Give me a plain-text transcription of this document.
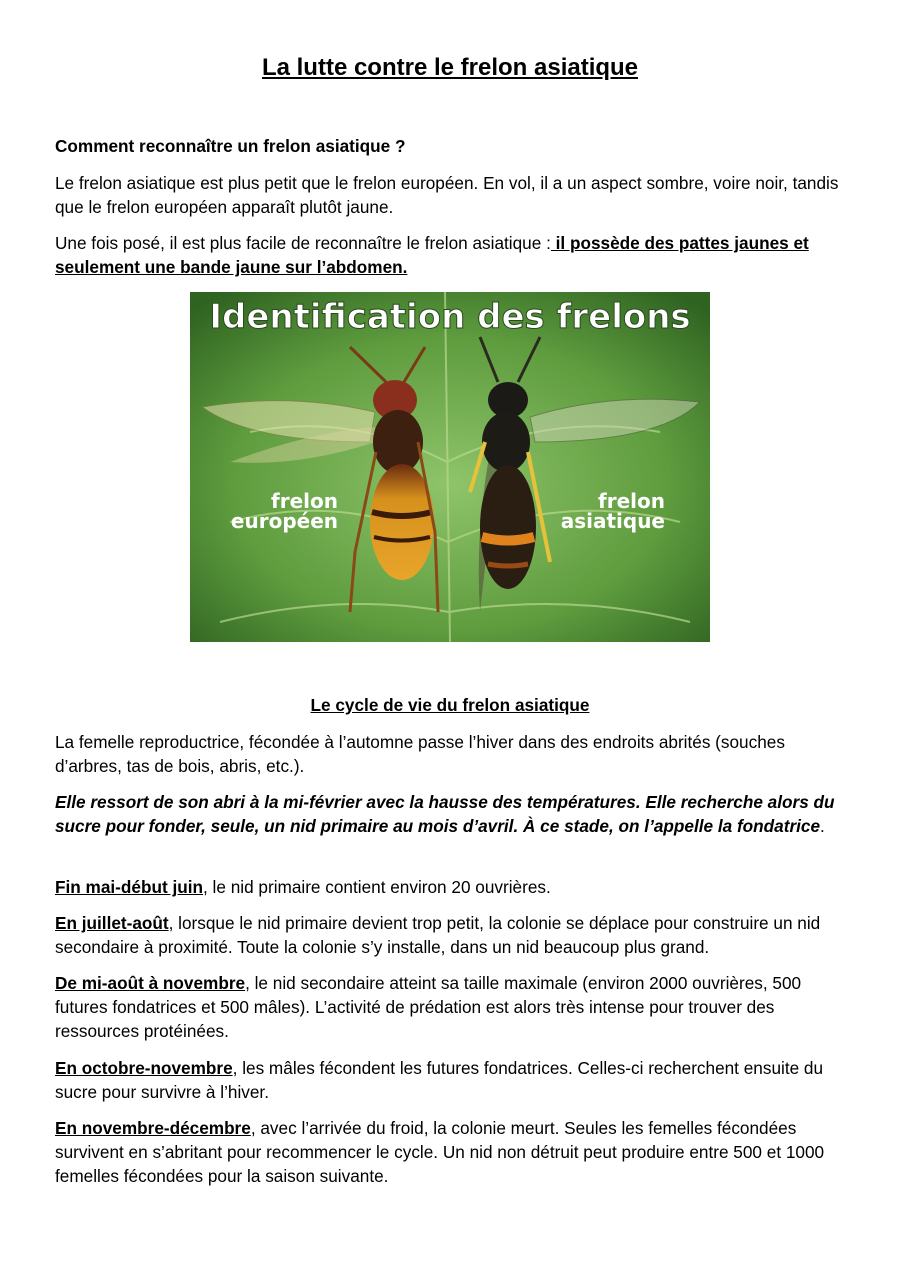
La lutte contre le frelon asiatique

Comment reconnaître un frelon asiatique ?

Le frelon asiatique est plus petit que le frelon européen. En vol, il a un aspect sombre, voire noir, tandis que le frelon européen apparaît plutôt jaune.

Une fois posé, il est plus facile de reconnaître le frelon asiatique : il possède des pattes jaunes et seulement une bande jaune sur l’abdomen.

Identification des frelons
frelon
européen
frelon
asiatique

Le cycle de vie du frelon asiatique

La femelle reproductrice, fécondée à l’automne passe l’hiver dans des endroits abrités (souches d’arbres, tas de bois, abris, etc.).

Elle ressort de son abri à la mi-février avec la hausse des températures. Elle recherche alors du sucre pour fonder, seule, un nid primaire au mois d’avril. À ce stade, on l’appelle la fondatrice.

Fin mai-début juin, le nid primaire contient environ 20 ouvrières.

En juillet-août, lorsque le nid primaire devient trop petit, la colonie se déplace pour construire un nid secondaire à proximité. Toute la colonie s’y installe, dans un nid beaucoup plus grand.

De mi-août à novembre, le nid secondaire atteint sa taille maximale (environ 2000 ouvrières, 500 futures fondatrices et 500 mâles). L’activité de prédation est alors très intense pour trouver des ressources protéinées.

En octobre-novembre, les mâles fécondent les futures fondatrices. Celles-ci recherchent ensuite du sucre pour survivre à l’hiver.

En novembre-décembre, avec l’arrivée du froid, la colonie meurt. Seules les femelles fécondées survivent en s’abritant pour recommencer le cycle. Un nid non détruit peut produire entre 500 et 1000 femelles fécondées pour la saison suivante.
